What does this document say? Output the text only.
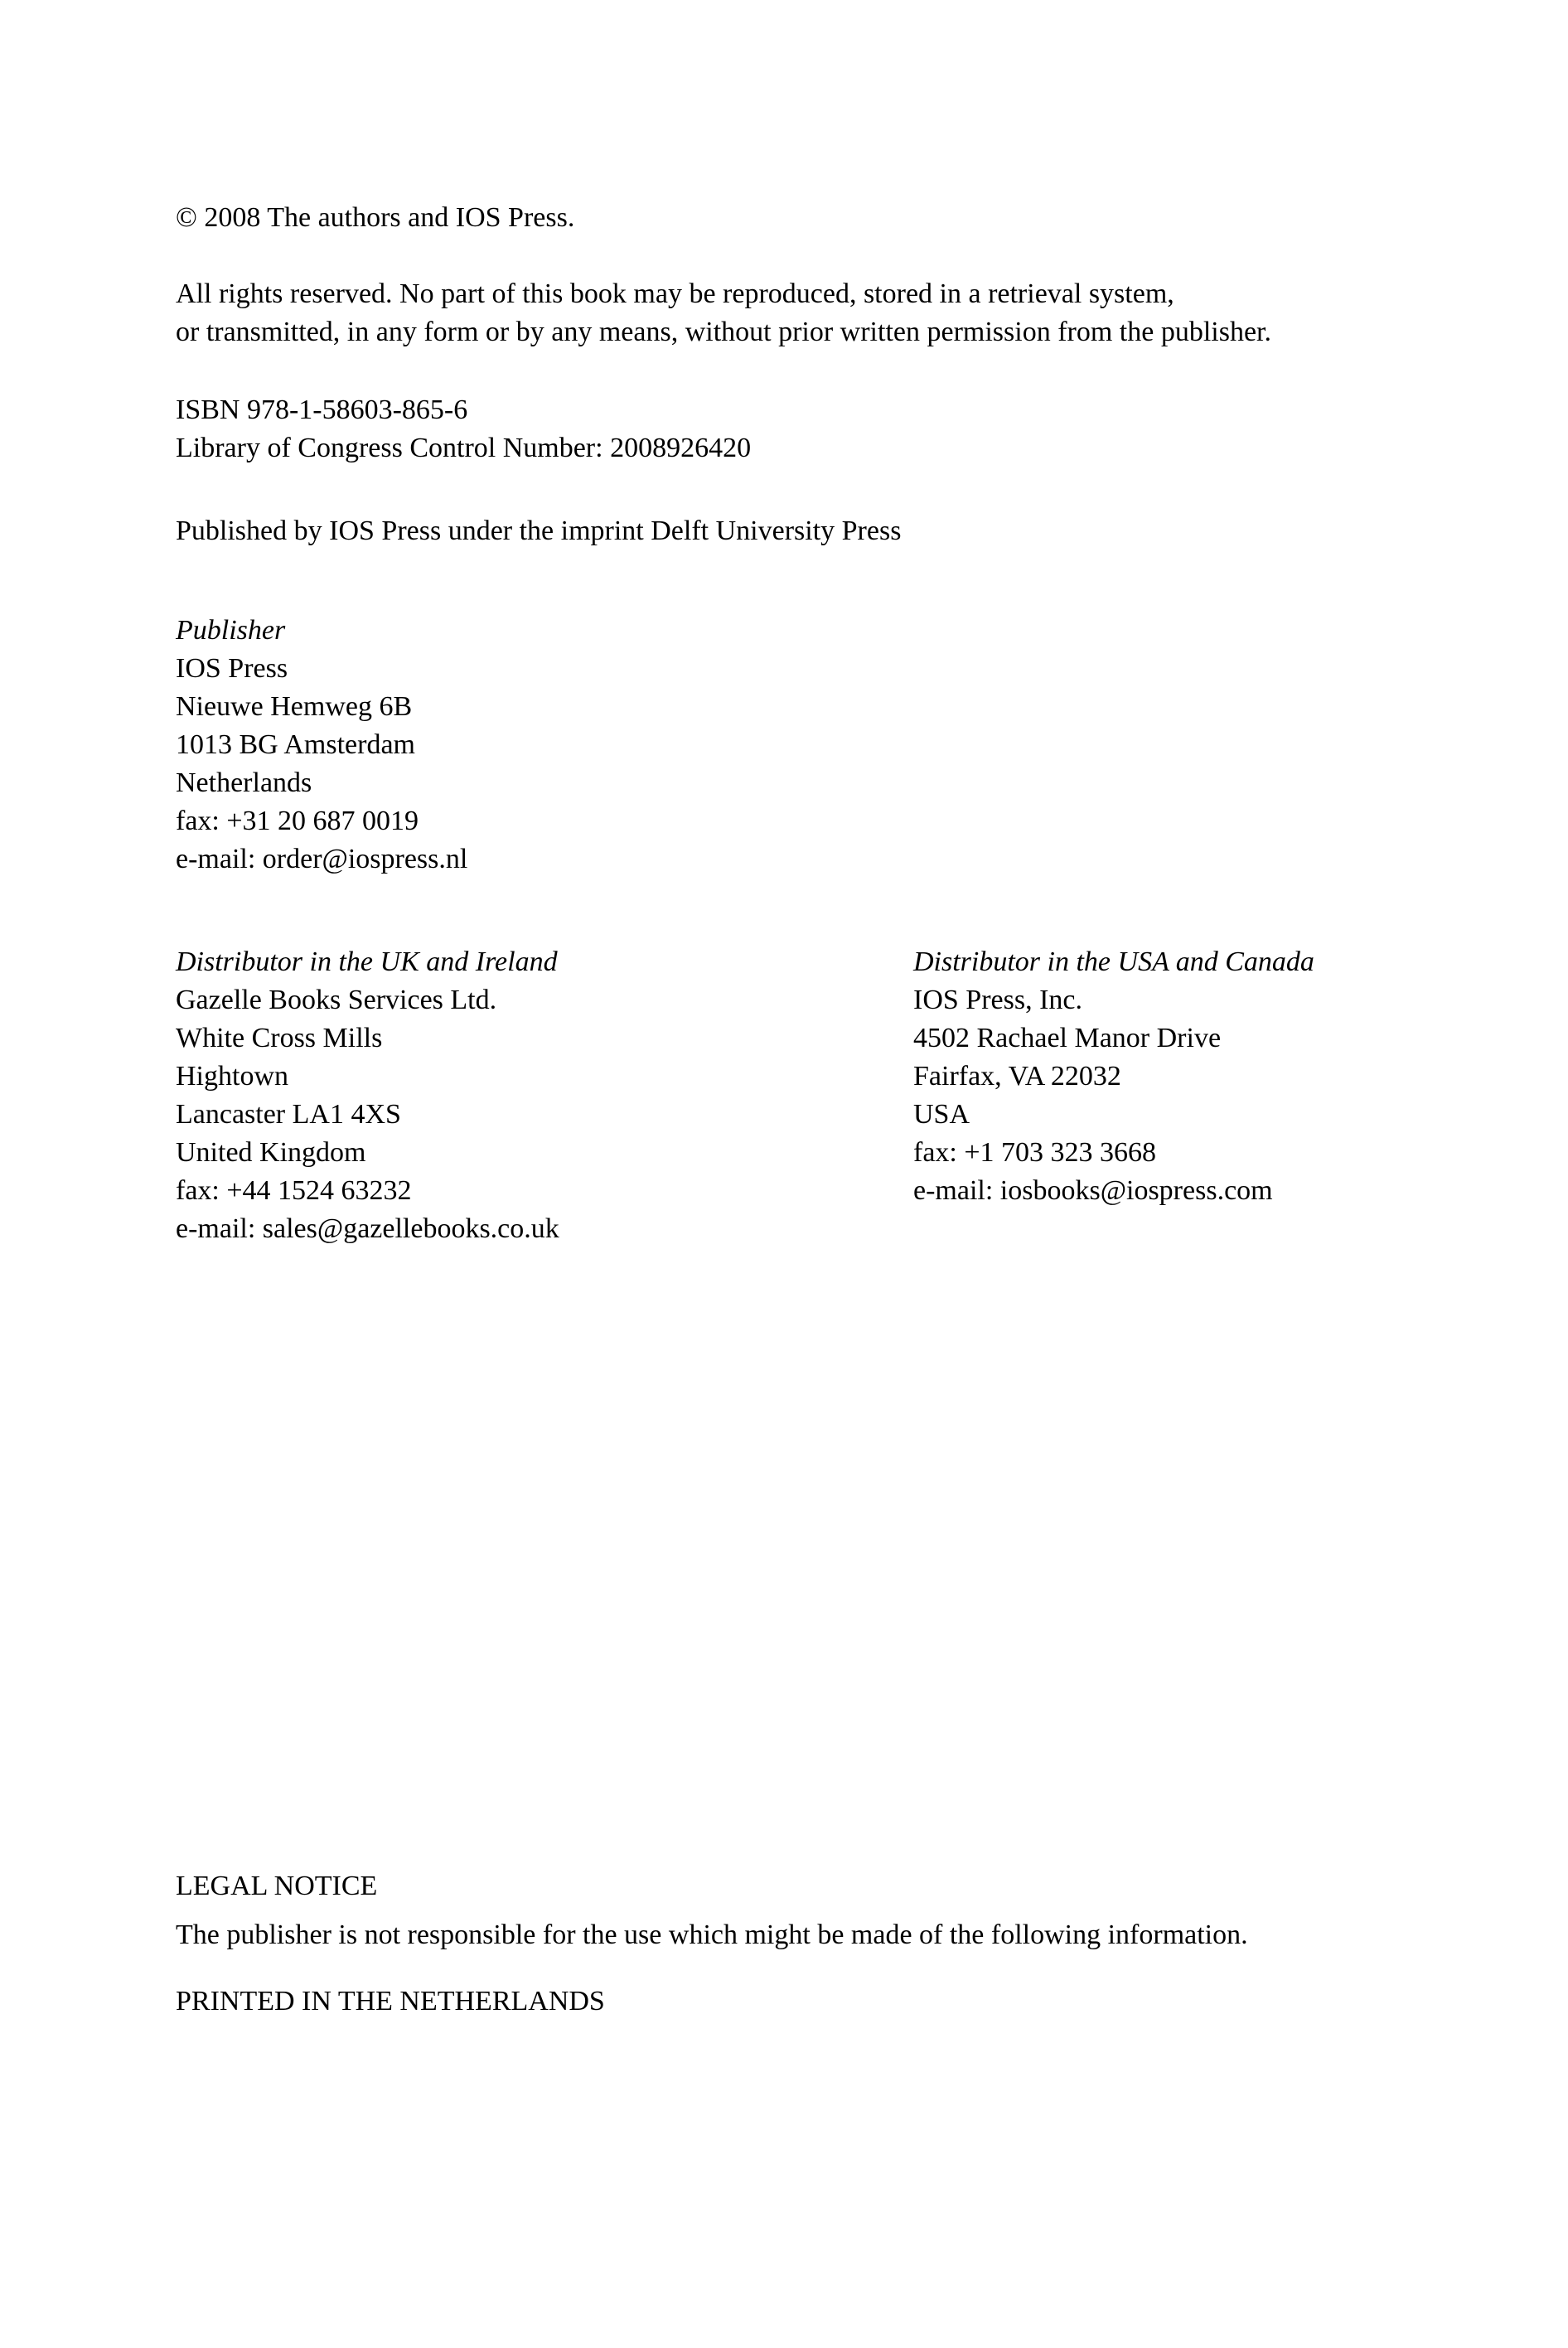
© 2008 The authors and IOS Press.
All rights reserved. No part of this book may be reproduced, stored in a retrieval system,
or transmitted, in any form or by any means, without prior written permission from the publisher.
ISBN 978-1-58603-865-6
Library of Congress Control Number: 2008926420
Published by IOS Press under the imprint Delft University Press
Publisher
IOS Press
Nieuwe Hemweg 6B
1013 BG Amsterdam
Netherlands
fax: +31 20 687 0019
e-mail: order@iospress.nl
Distributor in the UK and Ireland
Gazelle Books Services Ltd.
White Cross Mills
Hightown
Lancaster LA1 4XS
United Kingdom
fax: +44 1524 63232
e-mail: sales@gazellebooks.co.uk
Distributor in the USA and Canada
IOS Press, Inc.
4502 Rachael Manor Drive
Fairfax, VA 22032
USA
fax: +1 703 323 3668
e-mail: iosbooks@iospress.com
LEGAL NOTICE
The publisher is not responsible for the use which might be made of the following information.
PRINTED IN THE NETHERLANDS
